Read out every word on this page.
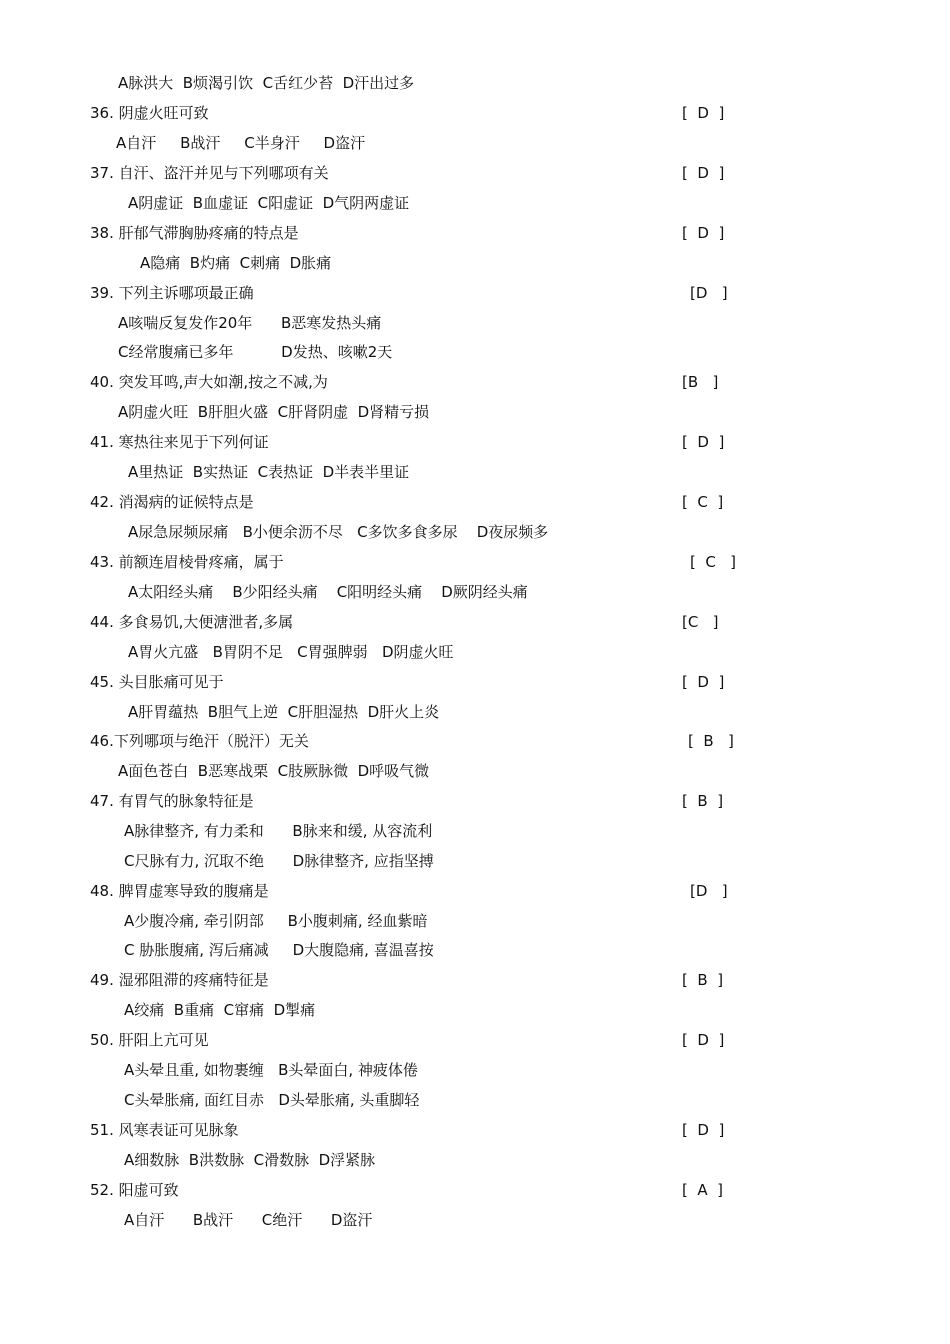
A脉洪大  B烦渴引饮  C舌红少苔  D汗出过多
36. 阴虚火旺可致	[  D  ]
A自汗     B战汗     C半身汗     D盗汗
37. 自汗、盗汗并见与下列哪项有关	[  D  ]
A阴虚证  B血虚证  C阳虚证  D气阴两虚证
38. 肝郁气滞胸胁疼痛的特点是	[  D  ]
A隐痛  B灼痛  C刺痛  D胀痛
39. 下列主诉哪项最正确	[D   ]
A咳喘反复发作20年      B恶寒发热头痛
C经常腹痛已多年          D发热、咳嗽2天
40. 突发耳鸣,声大如潮,按之不减,为	[B   ]
A阴虚火旺  B肝胆火盛  C肝肾阴虚  D肾精亏损
41. 寒热往来见于下列何证	[  D  ]
A里热证  B实热证  C表热证  D半表半里证
42. 消渴病的证候特点是	[  C  ]
A尿急尿频尿痛   B小便余沥不尽   C多饮多食多尿    D夜尿频多
43. 前额连眉棱骨疼痛，属于	[  C   ]
A太阳经头痛    B少阳经头痛    C阳明经头痛    D厥阴经头痛
44. 多食易饥,大便溏泄者,多属	[C   ]
A胃火亢盛   B胃阴不足   C胃强脾弱   D阴虚火旺
45. 头目胀痛可见于	[  D  ]
A肝胃蕴热  B胆气上逆  C肝胆湿热  D肝火上炎
46.下列哪项与绝汗（脱汗）无关	[  B   ]
A面色苍白  B恶寒战栗  C肢厥脉微  D呼吸气微
47. 有胃气的脉象特征是	[  B  ]
A脉律整齐, 有力柔和      B脉来和缓, 从容流利
C尺脉有力, 沉取不绝      D脉律整齐, 应指坚搏
48. 脾胃虚寒导致的腹痛是	[D   ]
A少腹冷痛, 牵引阴部     B小腹刺痛, 经血紫暗
C 胁胀腹痛, 泻后痛减     D大腹隐痛, 喜温喜按
49. 湿邪阻滞的疼痛特征是	[  B  ]
A绞痛  B重痛  C窜痛  D掣痛
50. 肝阳上亢可见	[  D  ]
A头晕且重, 如物裹缠   B头晕面白, 神疲体倦
C头晕胀痛, 面红目赤   D头晕胀痛, 头重脚轻
51. 风寒表证可见脉象	[  D  ]
A细数脉  B洪数脉  C滑数脉  D浮紧脉
52. 阳虚可致	[  A  ]
A自汗      B战汗      C绝汗      D盗汗
